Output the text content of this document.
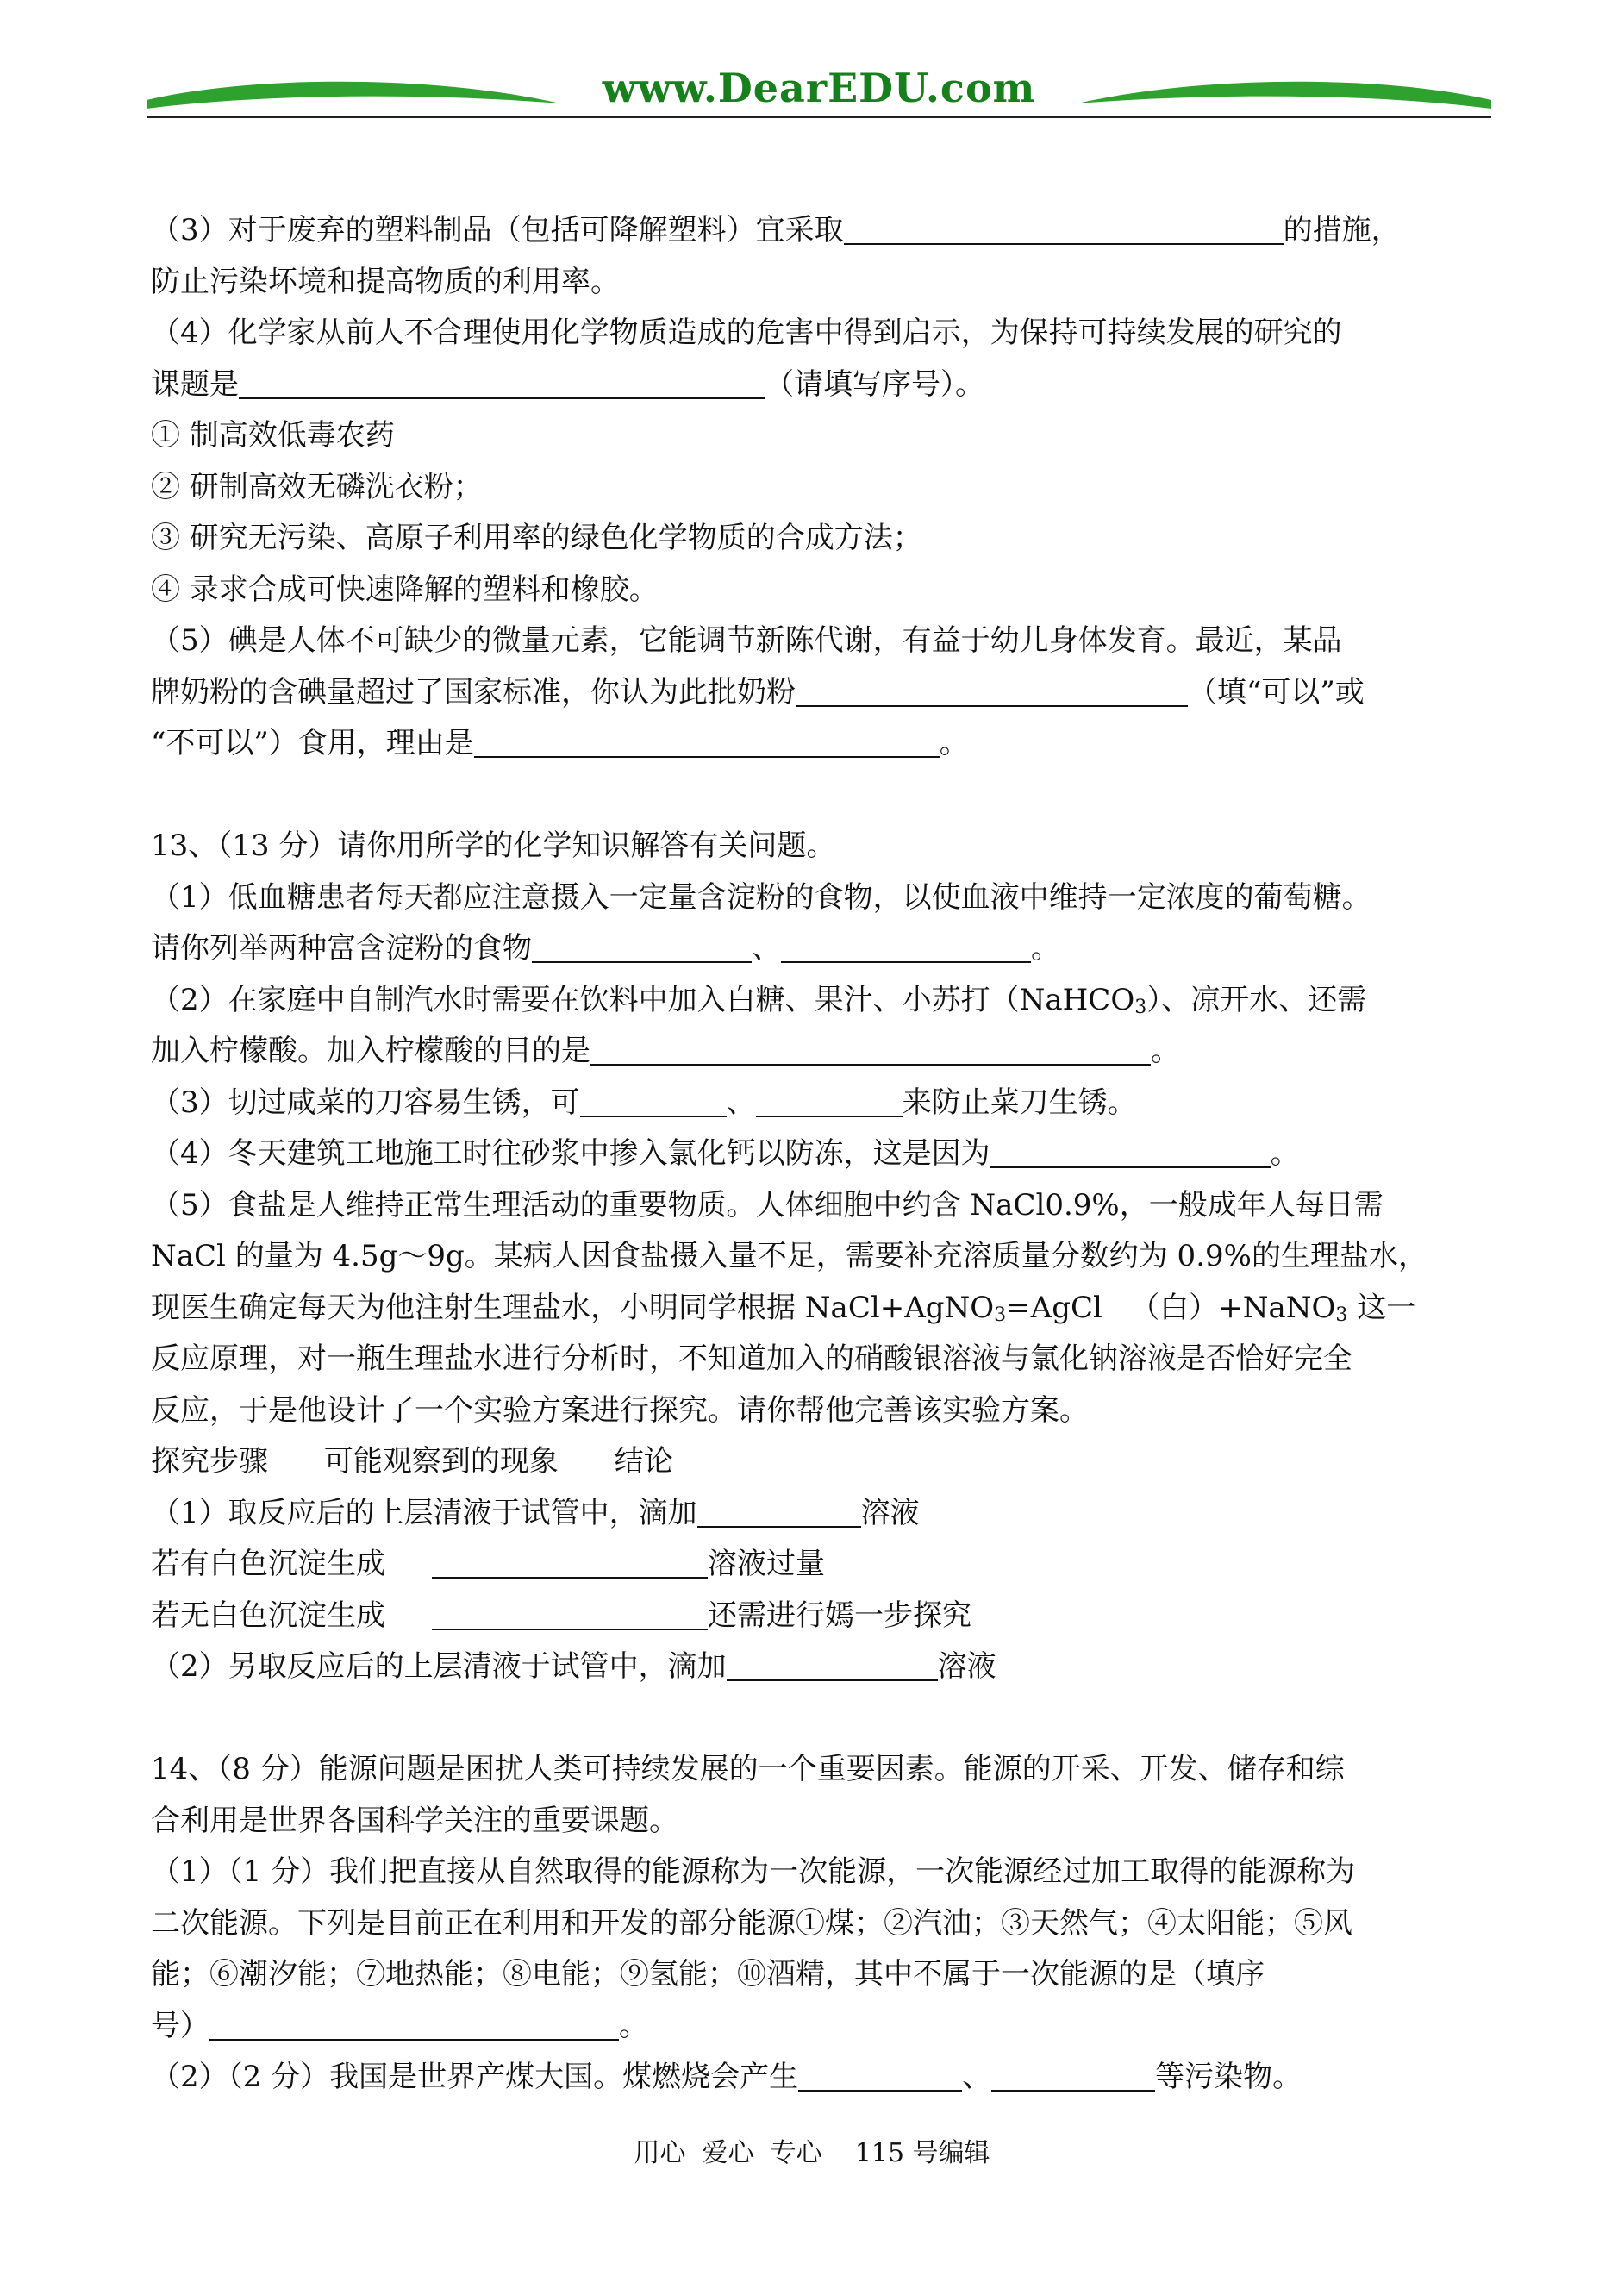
www.DearEDU.com
（3）对于废弃的塑料制品（包括可降解塑料）宜采取	的措施，
防止污染坏境和提高物质的利用率。
（4）化学家从前人不合理使用化学物质造成的危害中得到启示，为保持可持续发展的研究的
课题是	（请填写序号）。
① 制高效低毒农药
② 研制高效无磷洗衣粉；
③ 研究无污染、高原子利用率的绿色化学物质的合成方法；
④ 录求合成可快速降解的塑料和橡胶。
（5）碘是人体不可缺少的微量元素，它能调节新陈代谢，有益于幼儿身体发育。最近，某品
牌奶粉的含碘量超过了国家标准，你认为此批奶粉	（填“可以”或
“不可以”）食用，理由是	。
13、（13 分）请你用所学的化学知识解答有关问题。
（1）低血糖患者每天都应注意摄入一定量含淀粉的食物，以使血液中维持一定浓度的葡萄糖。
请你列举两种富含淀粉的食物	、	。
（2）在家庭中自制汽水时需要在饮料中加入白糖、果汁、小苏打（NaHCO$_3$）、凉开水、还需
加入柠檬酸。加入柠檬酸的目的是	。
（3）切过咸菜的刀容易生锈，可	、	来防止菜刀生锈。
（4）冬天建筑工地施工时往砂浆中掺入氯化钙以防冻，这是因为	。
（5）食盐是人维持正常生理活动的重要物质。人体细胞中约含 NaCl0.9%，一般成年人每日需
NaCl 的量为 4.5g～9g。某病人因食盐摄入量不足，需要补充溶质量分数约为 0.9%的生理盐水，
现医生确定每天为他注射生理盐水，小明同学根据 NaCl+AgNO$_3$=AgCl   （白）+NaNO$_3$ 这一
反应原理，对一瓶生理盐水进行分析时，不知道加入的硝酸银溶液与氯化钠溶液是否恰好完全
反应，于是他设计了一个实验方案进行探究。请你帮他完善该实验方案。
探究步骤      可能观察到的现象      结论
（1）取反应后的上层清液于试管中，滴加	溶液
若有白色沉淀生成	溶液过量
若无白色沉淀生成	还需进行嫣一步探究
（2）另取反应后的上层清液于试管中，滴加	溶液
14、（8 分）能源问题是困扰人类可持续发展的一个重要因素。能源的开采、开发、储存和综
合利用是世界各国科学关注的重要课题。
（1）（1 分）我们把直接从自然取得的能源称为一次能源，一次能源经过加工取得的能源称为
二次能源。下列是目前正在利用和开发的部分能源①煤；②汽油；③天然气；④太阳能；⑤风
能；⑥潮汐能；⑦地热能；⑧电能；⑨氢能；⑩酒精，其中不属于一次能源的是（填序
号）	。
（2）（2 分）我国是世界产煤大国。煤燃烧会产生	、	等污染物。
用心  爱心  专心    115 号编辑
